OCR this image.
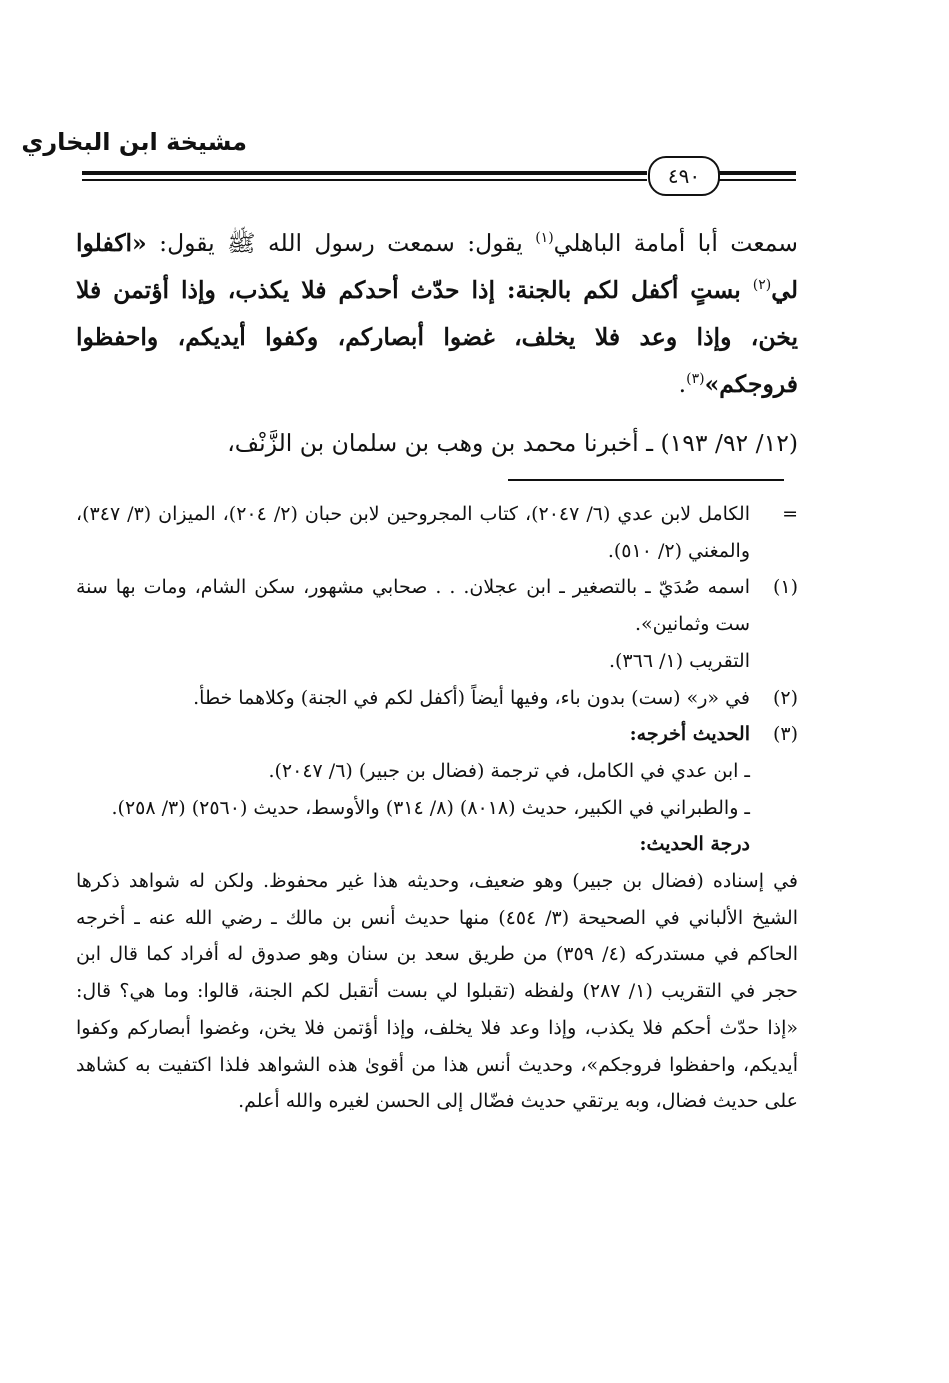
مشيخة ابن البخاري
٤٩٠

سمعت أبا أمامة الباهلي$^{(١)}$ يقول: سمعت رسول الله ﷺ يقول: «اكفلوا لي$^{(٢)}$ بستٍ أكفل لكم بالجنة: إذا حدّث أحدكم فلا يكذب، وإذا أؤتمن فلا يخن، وإذا وعد فلا يخلف، غضوا أبصاركم، وكفوا أيديكم، واحفظوا فروجكم»$^{(٣)}$.

(١٢/ ٩٢/ ١٩٣) ـ أخبرنا محمد بن وهب بن سلمان بن الزَّنْف،
=

الكامل لابن عدي (٦/ ٢٠٤٧)، كتاب المجروحين لابن حبان (٢/ ٢٠٤)، الميزان (٣/ ٣٤٧)، والمغني (٢/ ٥١٠).

(١)

اسمه صُدَيّ ـ بالتصغير ـ ابن عجلان. . . صحابي مشهور، سكن الشام، ومات بها سنة ست وثمانين».

التقريب (١/ ٣٦٦).

(٢)

في «ر» (ست) بدون باء، وفيها أيضاً (أكفل لكم في الجنة) وكلاهما خطأ.

(٣)

الحديث أخرجه:

ـ ابن عدي في الكامل، في ترجمة (فضال بن جبير) (٦/ ٢٠٤٧).

ـ والطبراني في الكبير، حديث (٨٠١٨) (٨/ ٣١٤) والأوسط، حديث (٢٥٦٠) (٣/ ٢٥٨).

درجة الحديث:

في إسناده (فضال بن جبير) وهو ضعيف، وحديثه هذا غير محفوظ. ولكن له شواهد ذكرها الشيخ الألباني في الصحيحة (٣/ ٤٥٤) منها حديث أنس بن مالك ـ رضي الله عنه ـ أخرجه الحاكم في مستدركه (٤/ ٣٥٩) من طريق سعد بن سنان وهو صدوق له أفراد كما قال ابن حجر في التقريب (١/ ٢٨٧) ولفظه (تقبلوا لي بست أتقبل لكم الجنة، قالوا: وما هي؟ قال: «إذا حدّث أحكم فلا يكذب، وإذا وعد فلا يخلف، وإذا أؤتمن فلا يخن، وغضوا أبصاركم وكفوا أيديكم، واحفظوا فروجكم»، وحديث أنس هذا من أقوىٰ هذه الشواهد فلذا اكتفيت به كشاهد على حديث فضال، وبه يرتقي حديث فضّال إلى الحسن لغيره والله أعلم.
